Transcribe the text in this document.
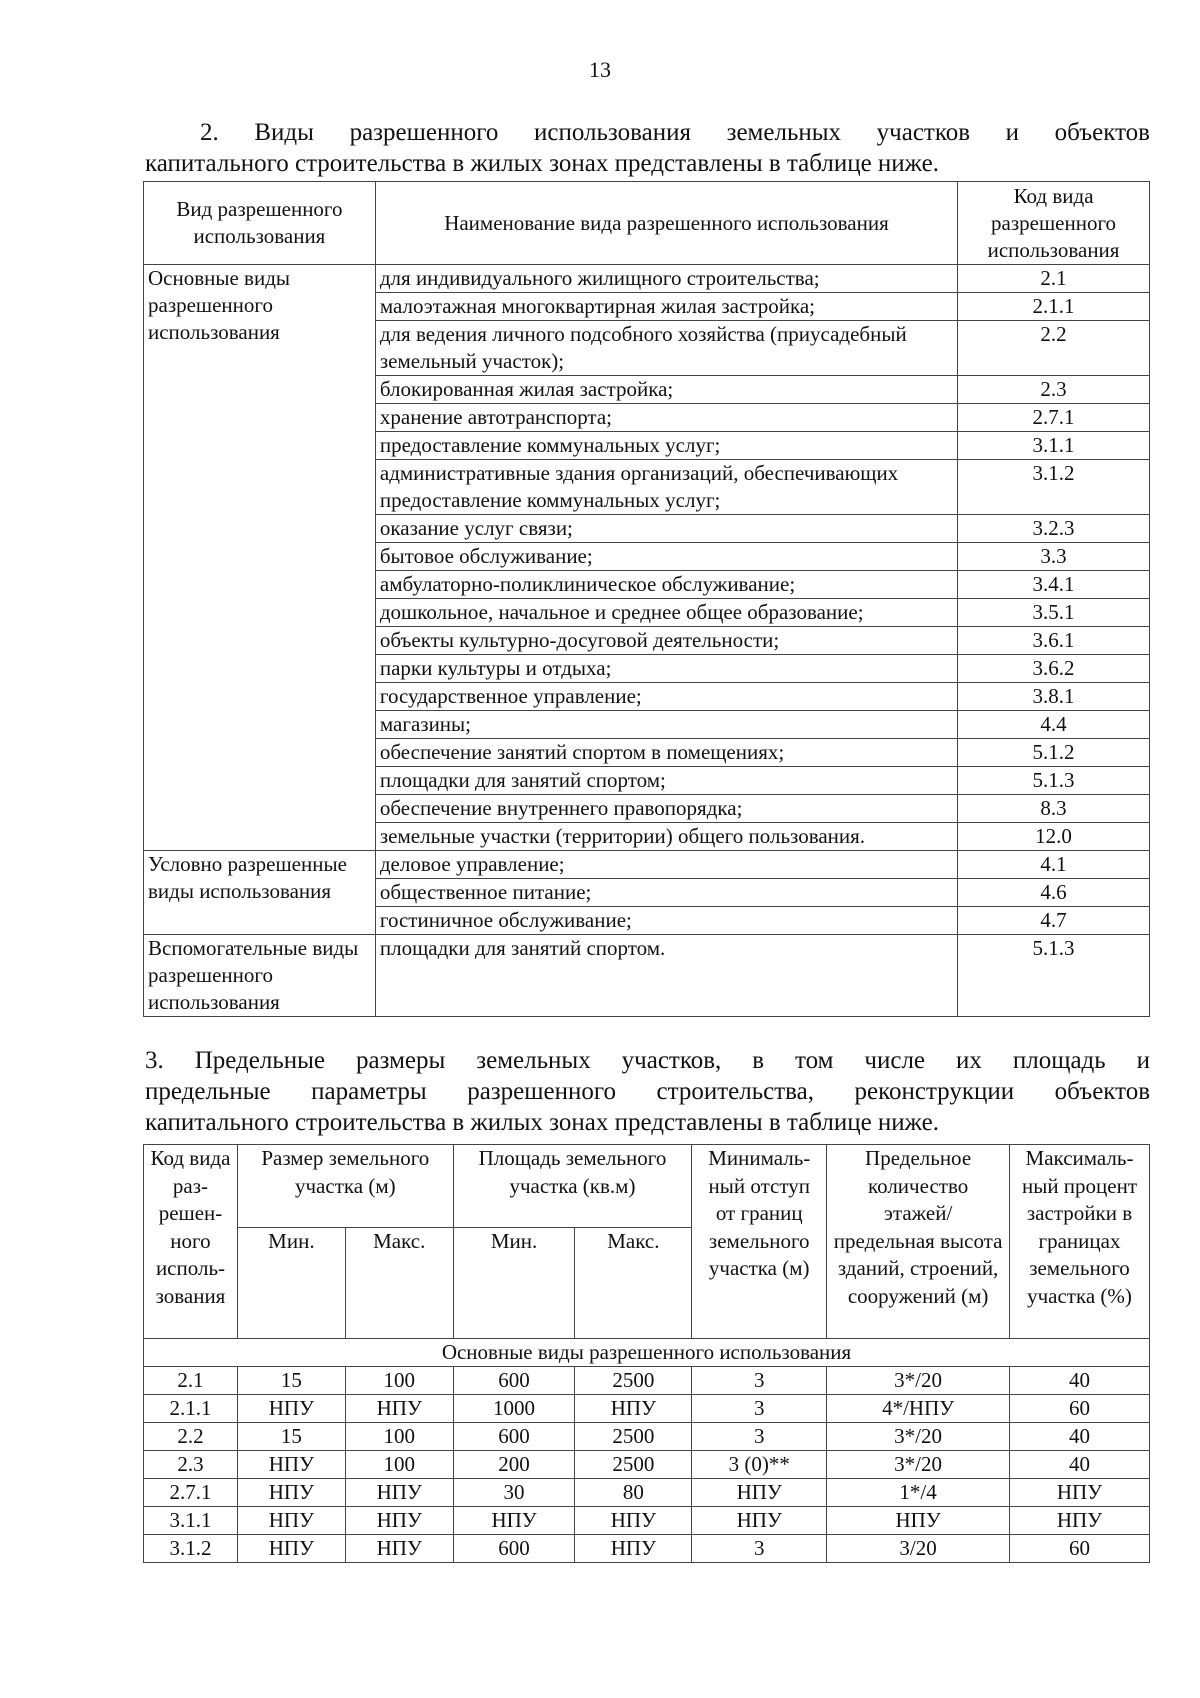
13
2. Виды разрешенного использования земельных участков и объектов
капитального строительства в жилых зонах представлены в таблице ниже.
Вид разрешенного использования	Наименование вида разрешенного использования	Код вида разрешенного использования
Основные виды разрешенного использования	для индивидуального жилищного строительства;	2.1
	малоэтажная многоквартирная жилая застройка;	2.1.1
	для ведения личного подсобного хозяйства (приусадебный земельный участок);	2.2
	блокированная жилая застройка;	2.3
	хранение автотранспорта;	2.7.1
	предоставление коммунальных услуг;	3.1.1
	административные здания организаций, обеспечивающих предоставление коммунальных услуг;	3.1.2
	оказание услуг связи;	3.2.3
	бытовое обслуживание;	3.3
	амбулаторно-поликлиническое обслуживание;	3.4.1
	дошкольное, начальное и среднее общее образование;	3.5.1
	объекты культурно-досуговой деятельности;	3.6.1
	парки культуры и отдыха;	3.6.2
	государственное управление;	3.8.1
	магазины;	4.4
	обеспечение занятий спортом в помещениях;	5.1.2
	площадки для занятий спортом;	5.1.3
	обеспечение внутреннего правопорядка;	8.3
	земельные участки (территории) общего пользования.	12.0
Условно разрешенные виды использования	деловое управление;	4.1
	общественное питание;	4.6
	гостиничное обслуживание;	4.7
Вспомогательные виды разрешенного использования	площадки для занятий спортом.	5.1.3
3. Предельные размеры земельных участков, в том числе их площадь и
предельные параметры разрешенного строительства, реконструкции объектов
капитального строительства в жилых зонах представлены в таблице ниже.
Код вида раз-решен-ного исполь-зования	Размер земельного участка (м)		Площадь земельного участка (кв.м)		Минималь-ный отступ от границ земельного участка (м)	Предельное количество этажей/ предельная высота зданий, строений, сооружений (м)	Максималь-ный процент застройки в границах земельного участка (%)
	Мин.	Макс.	Мин.	Макс.			
Основные виды разрешенного использования							
2.1	15	100	600	2500	3	3*/20	40
2.1.1	НПУ	НПУ	1000	НПУ	3	4*/НПУ	60
2.2	15	100	600	2500	3	3*/20	40
2.3	НПУ	100	200	2500	3 (0)**	3*/20	40
2.7.1	НПУ	НПУ	30	80	НПУ	1*/4	НПУ
3.1.1	НПУ	НПУ	НПУ	НПУ	НПУ	НПУ	НПУ
3.1.2	НПУ	НПУ	600	НПУ	3	3/20	60
